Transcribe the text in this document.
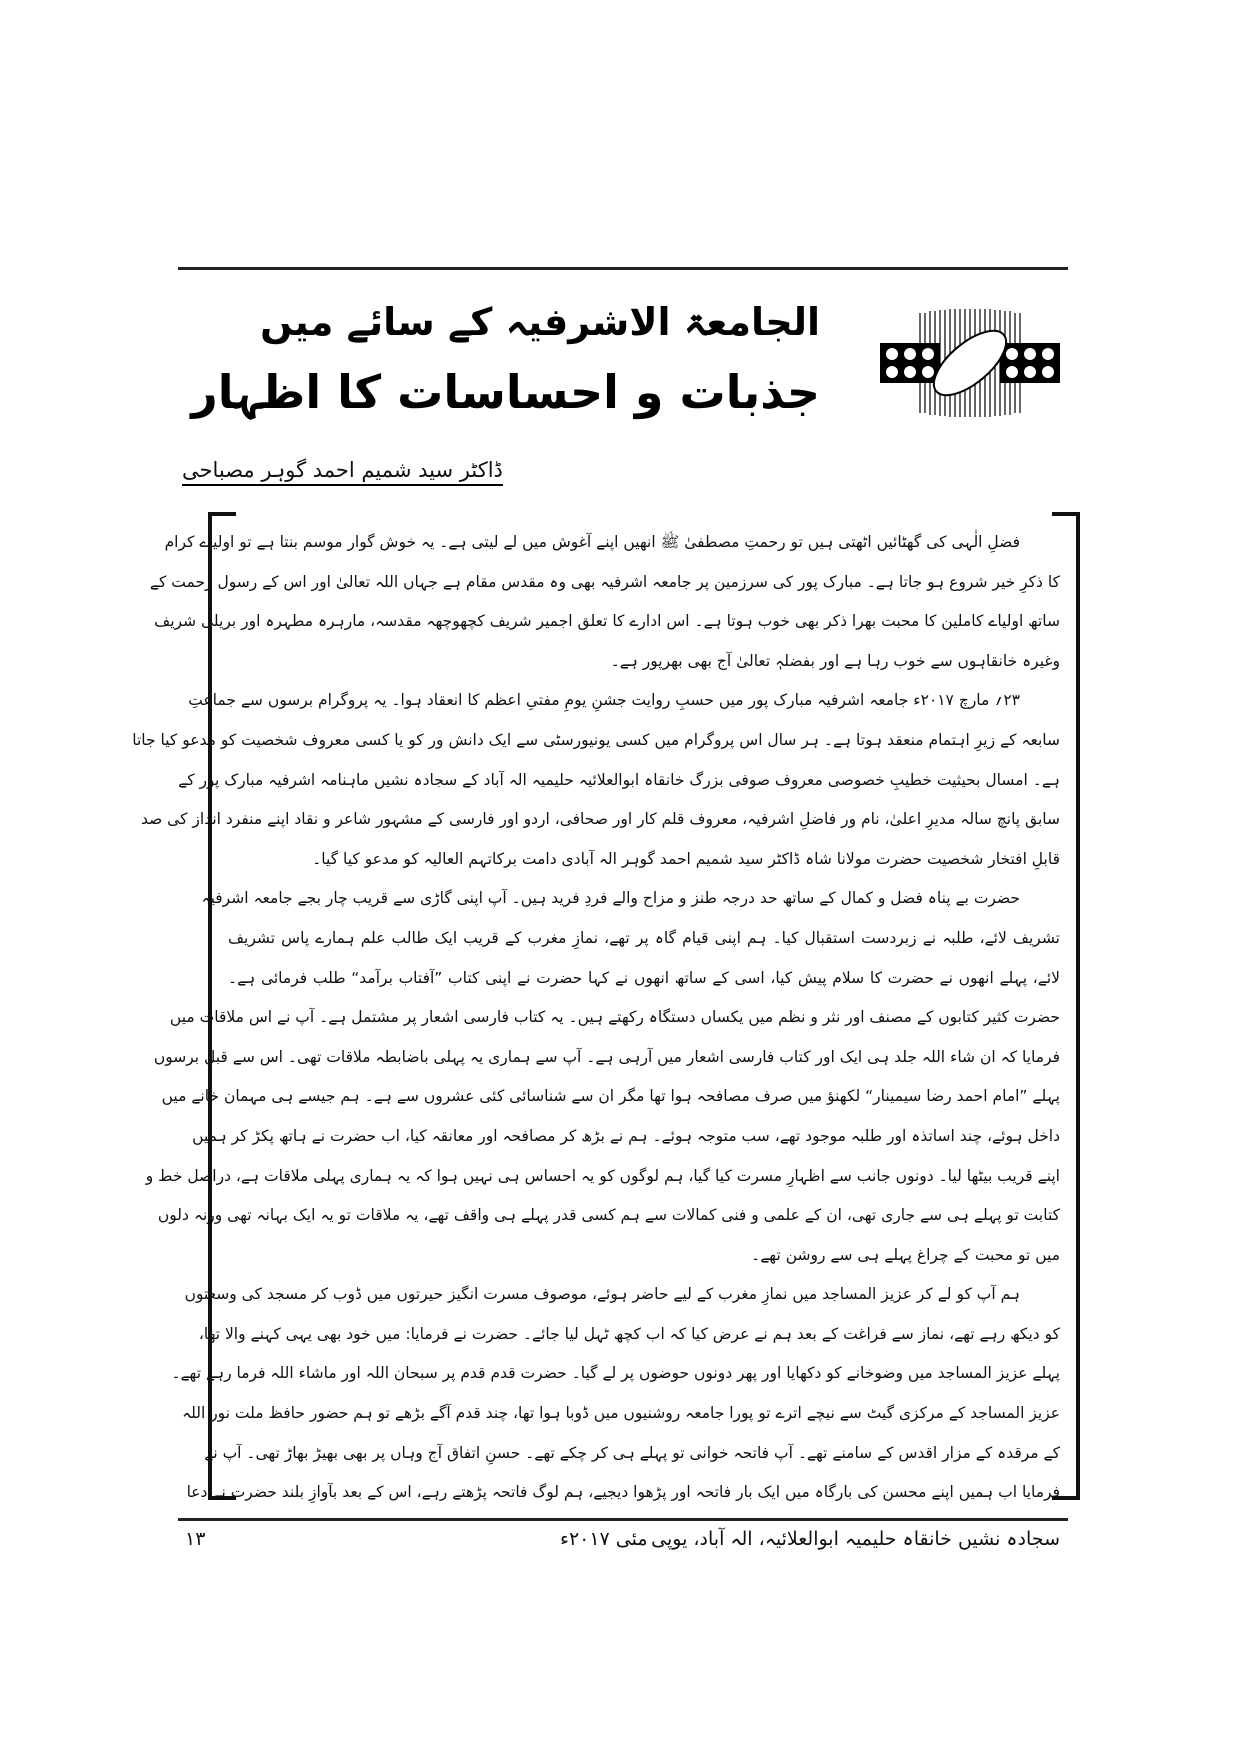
الجامعۃ الاشرفیہ کے سائے میں
جذبات و احساسات کا اظہار
ڈاکٹر سید شمیم احمد گوہر مصباحی
فضلِ الٰہی کی گھٹائیں اٹھتی ہیں تو رحمتِ مصطفیٰ ﷺ انھیں اپنے آغوش میں لے لیتی ہے۔ یہ خوش گوار موسم بنتا ہے تو اولیاے کرام
کا ذکرِ خیر شروع ہو جاتا ہے۔ مبارک پور کی سرزمین پر جامعہ اشرفیہ بھی وہ مقدس مقام ہے جہاں اللہ تعالیٰ اور اس کے رسول رحمت کے
ساتھ اولیاے کاملین کا محبت بھرا ذکر بھی خوب ہوتا ہے۔ اس ادارے کا تعلق اجمیر شریف کچھوچھہ مقدسہ، مارہرہ مطہرہ اور بریلی شریف
وغیرہ خانقاہوں سے خوب رہا ہے اور بفضلہٖ تعالیٰ آج بھی بھرپور ہے۔
۲۳؍ مارچ ۲۰۱۷ء جامعہ اشرفیہ مبارک پور میں حسبِ روایت جشنِ یومِ مفتیِ اعظم کا انعقاد ہوا۔ یہ پروگرام برسوں سے جماعتِ
سابعہ کے زیرِ اہتمام منعقد ہوتا ہے۔ ہر سال اس پروگرام میں کسی یونیورسٹی سے ایک دانش ور کو یا کسی معروف شخصیت کو مدعو کیا جاتا
ہے۔ امسال بحیثیت خطیبِ خصوصی معروف صوفی بزرگ خانقاہ ابوالعلائیہ حلیمیہ الہ آباد کے سجادہ نشیں ماہنامہ اشرفیہ مبارک پور کے
سابق پانچ سالہ مدیرِ اعلیٰ، نام ور فاضلِ اشرفیہ، معروف قلم کار اور صحافی، اردو اور فارسی کے مشہور شاعر و نقاد اپنے منفرد انداز کی صد
قابلِ افتخار شخصیت حضرت مولانا شاہ ڈاکٹر سید شمیم احمد گوہر الہ آبادی دامت برکاتہم العالیہ کو مدعو کیا گیا۔
حضرت بے پناہ فضل و کمال کے ساتھ حد درجہ طنز و مزاح والے فردِ فرید ہیں۔ آپ اپنی گاڑی سے قریب چار بجے جامعہ اشرفیہ
تشریف لائے، طلبہ نے زبردست استقبال کیا۔ ہم اپنی قیام گاہ پر تھے، نمازِ مغرب کے قریب ایک طالب علم ہمارے پاس تشریف
لائے، پہلے انھوں نے حضرت کا سلام پیش کیا، اسی کے ساتھ انھوں نے کہا حضرت نے اپنی کتاب ”آفتاب برآمد“ طلب فرمائی ہے۔
حضرت کثیر کتابوں کے مصنف اور نثر و نظم میں یکساں دستگاہ رکھتے ہیں۔ یہ کتاب فارسی اشعار پر مشتمل ہے۔ آپ نے اس ملاقات میں
فرمایا کہ ان شاء اللہ جلد ہی ایک اور کتاب فارسی اشعار میں آرہی ہے۔ آپ سے ہماری یہ پہلی باضابطہ ملاقات تھی۔ اس سے قبل برسوں
پہلے ”امام احمد رضا سیمینار“ لکھنؤ میں صرف مصافحہ ہوا تھا مگر ان سے شناسائی کئی عشروں سے ہے۔ ہم جیسے ہی مہمان خانے میں
داخل ہوئے، چند اساتذہ اور طلبہ موجود تھے، سب متوجہ ہوئے۔ ہم نے بڑھ کر مصافحہ اور معانقہ کیا، اب حضرت نے ہاتھ پکڑ کر ہمیں
اپنے قریب بیٹھا لیا۔ دونوں جانب سے اظہارِ مسرت کیا گیا، ہم لوگوں کو یہ احساس ہی نہیں ہوا کہ یہ ہماری پہلی ملاقات ہے، دراصل خط و
کتابت تو پہلے ہی سے جاری تھی، ان کے علمی و فنی کمالات سے ہم کسی قدر پہلے ہی واقف تھے، یہ ملاقات تو یہ ایک بہانہ تھی ورنہ دلوں
میں تو محبت کے چراغ پہلے ہی سے روشن تھے۔
ہم آپ کو لے کر عزیز المساجد میں نمازِ مغرب کے لیے حاضر ہوئے، موصوف مسرت انگیز حیرتوں میں ڈوب کر مسجد کی وسعتوں
کو دیکھ رہے تھے، نماز سے فراغت کے بعد ہم نے عرض کیا کہ اب کچھ ٹہل لیا جائے۔ حضرت نے فرمایا: میں خود بھی یہی کہنے والا تھا،
پہلے عزیز المساجد میں وضوخانے کو دکھایا اور پھر دونوں حوضوں پر لے گیا۔ حضرت قدم قدم پر سبحان اللہ اور ماشاء اللہ فرما رہے تھے۔
عزیز المساجد کے مرکزی گیٹ سے نیچے اترے تو پورا جامعہ روشنیوں میں ڈوبا ہوا تھا، چند قدم آگے بڑھے تو ہم حضور حافظ ملت نور اللہ
کے مرقدہ کے مزار اقدس کے سامنے تھے۔ آپ فاتحہ خوانی تو پہلے ہی کر چکے تھے۔ حسنِ اتفاق آج وہاں پر بھی بھیڑ بھاڑ تھی۔ آپ نے
فرمایا اب ہمیں اپنے محسن کی بارگاہ میں ایک بار فاتحہ اور پڑھوا دیجیے، ہم لوگ فاتحہ پڑھتے رہے، اس کے بعد بآوازِ بلند حضرت نے دعا
سجادہ نشیں خانقاہ حلیمیہ ابوالعلائیہ، الہ آباد، یوپی
مئی ۲۰۱۷ء
۱۳
